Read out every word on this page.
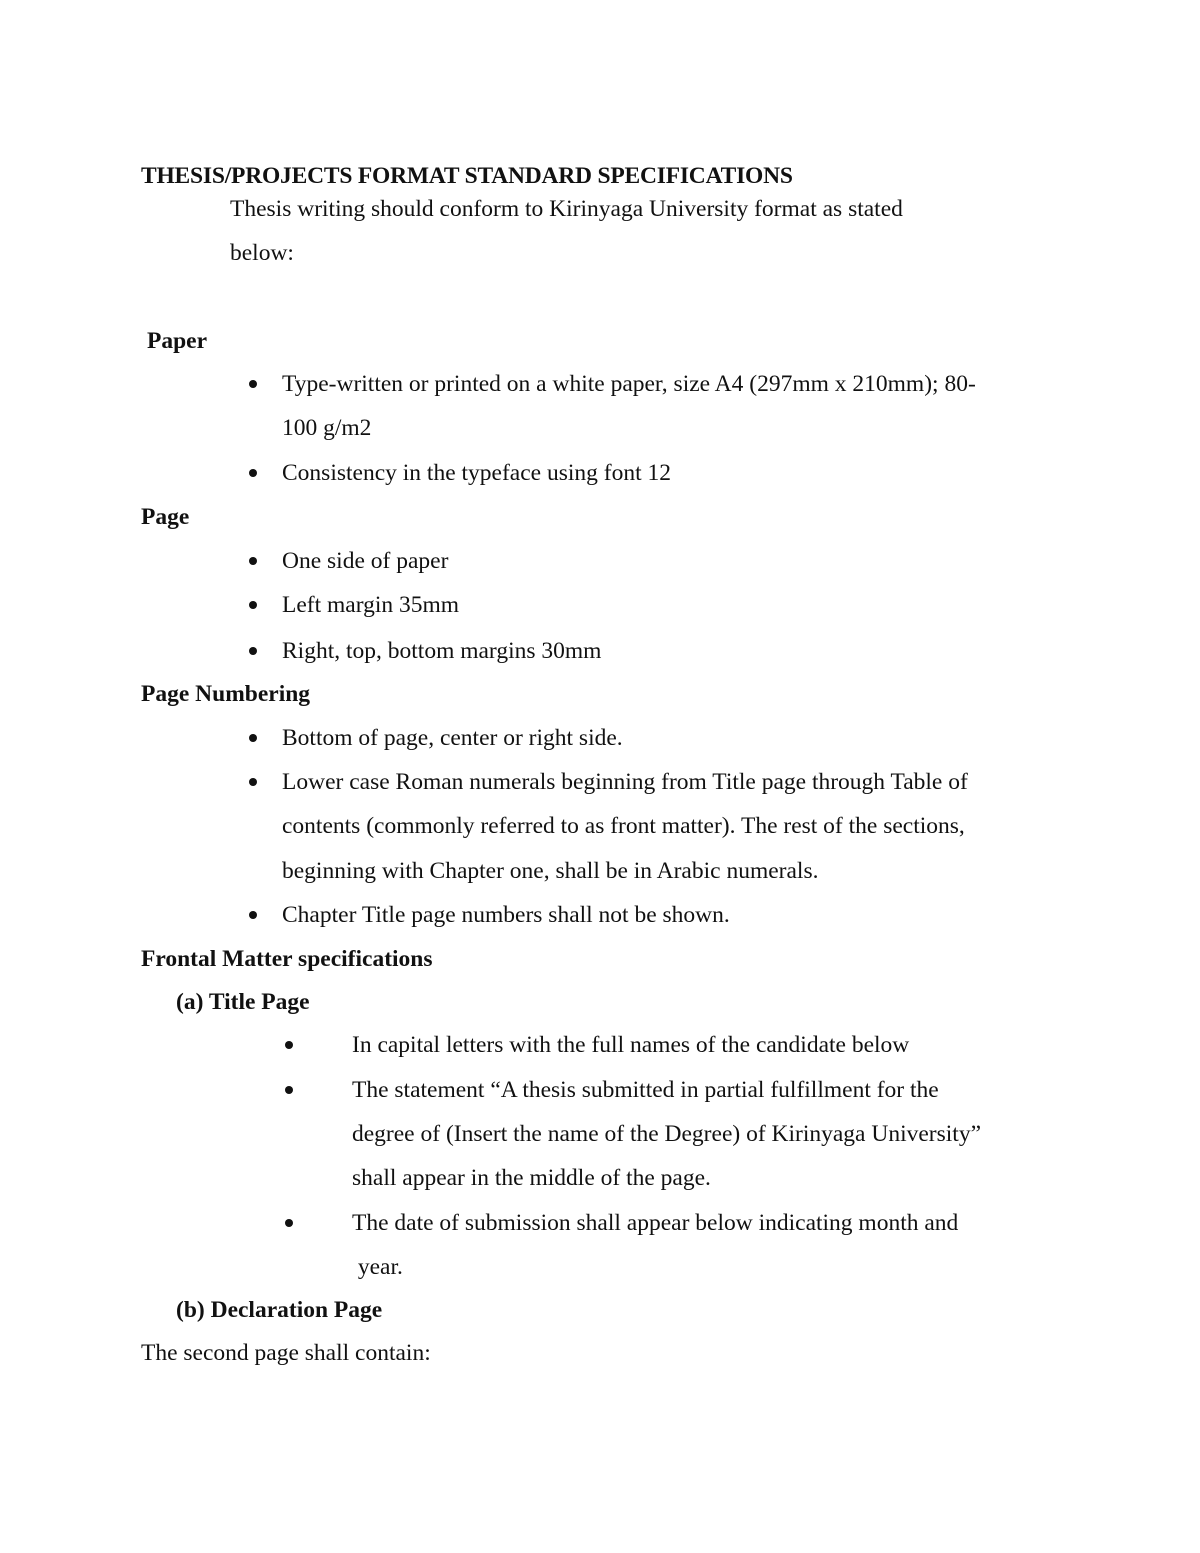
THESIS/PROJECTS FORMAT STANDARD SPECIFICATIONS
Thesis writing should conform to Kirinyaga University format as stated
below:
Paper
Type-written or printed on a white paper, size A4 (297mm x 210mm); 80-
100 g/m2
Consistency in the typeface using font 12
Page
One side of paper
Left margin 35mm
Right, top, bottom margins 30mm
Page Numbering
Bottom of page, center or right side.
Lower case Roman numerals beginning from Title page through Table of
contents (commonly referred to as front matter). The rest of the sections,
beginning with Chapter one, shall be in Arabic numerals.
Chapter Title page numbers shall not be shown.
Frontal Matter specifications
(a) Title Page
In capital letters with the full names of the candidate below
The statement “A thesis submitted in partial fulfillment for the
degree of (Insert the name of the Degree) of Kirinyaga University”
shall appear in the middle of the page.
The date of submission shall appear below indicating month and
year.
(b) Declaration Page
The second page shall contain:
